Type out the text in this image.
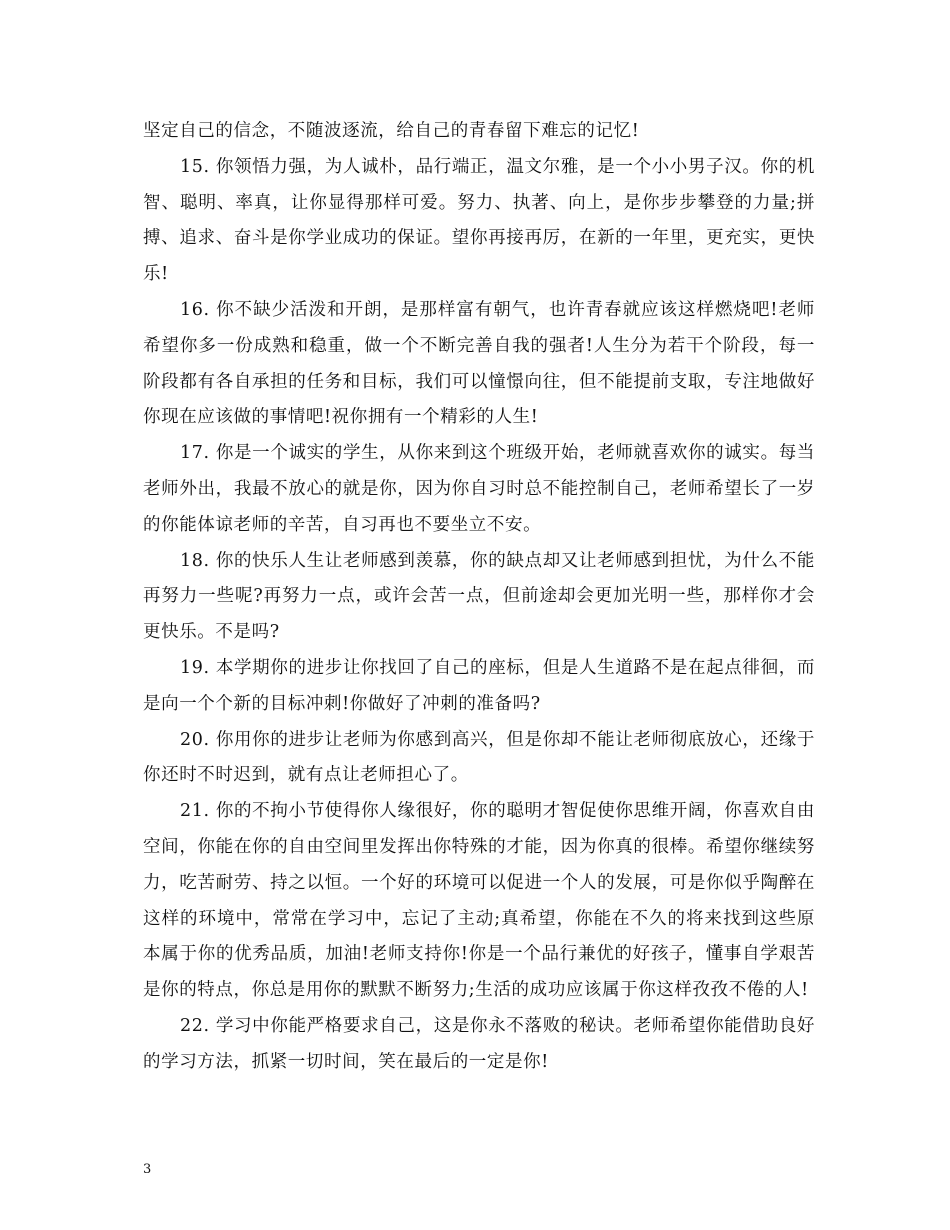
坚定自己的信念，不随波逐流，给自己的青春留下难忘的记忆!

15. 你领悟力强，为人诚朴，品行端正，温文尔雅，是一个小小男子汉。你的机智、聪明、率真，让你显得那样可爱。努力、执著、向上，是你步步攀登的力量;拼搏、追求、奋斗是你学业成功的保证。望你再接再厉，在新的一年里，更充实，更快乐!

16. 你不缺少活泼和开朗，是那样富有朝气，也许青春就应该这样燃烧吧!老师希望你多一份成熟和稳重，做一个不断完善自我的强者!人生分为若干个阶段，每一阶段都有各自承担的任务和目标，我们可以憧憬向往，但不能提前支取，专注地做好你现在应该做的事情吧!祝你拥有一个精彩的人生!

17. 你是一个诚实的学生，从你来到这个班级开始，老师就喜欢你的诚实。每当老师外出，我最不放心的就是你，因为你自习时总不能控制自己，老师希望长了一岁的你能体谅老师的辛苦，自习再也不要坐立不安。

18. 你的快乐人生让老师感到羡慕，你的缺点却又让老师感到担忧，为什么不能再努力一些呢?再努力一点，或许会苦一点，但前途却会更加光明一些，那样你才会更快乐。不是吗?

19. 本学期你的进步让你找回了自己的座标，但是人生道路不是在起点徘徊，而是向一个个新的目标冲刺!你做好了冲刺的准备吗?

20. 你用你的进步让老师为你感到高兴，但是你却不能让老师彻底放心，还缘于你还时不时迟到，就有点让老师担心了。

21. 你的不拘小节使得你人缘很好，你的聪明才智促使你思维开阔，你喜欢自由空间，你能在你的自由空间里发挥出你特殊的才能，因为你真的很棒。希望你继续努力，吃苦耐劳、持之以恒。一个好的环境可以促进一个人的发展，可是你似乎陶醉在这样的环境中，常常在学习中，忘记了主动;真希望，你能在不久的将来找到这些原本属于你的优秀品质，加油!老师支持你!你是一个品行兼优的好孩子，懂事自学艰苦是你的特点，你总是用你的默默不断努力;生活的成功应该属于你这样孜孜不倦的人!

22. 学习中你能严格要求自己，这是你永不落败的秘诀。老师希望你能借助良好的学习方法，抓紧一切时间，笑在最后的一定是你!

3
